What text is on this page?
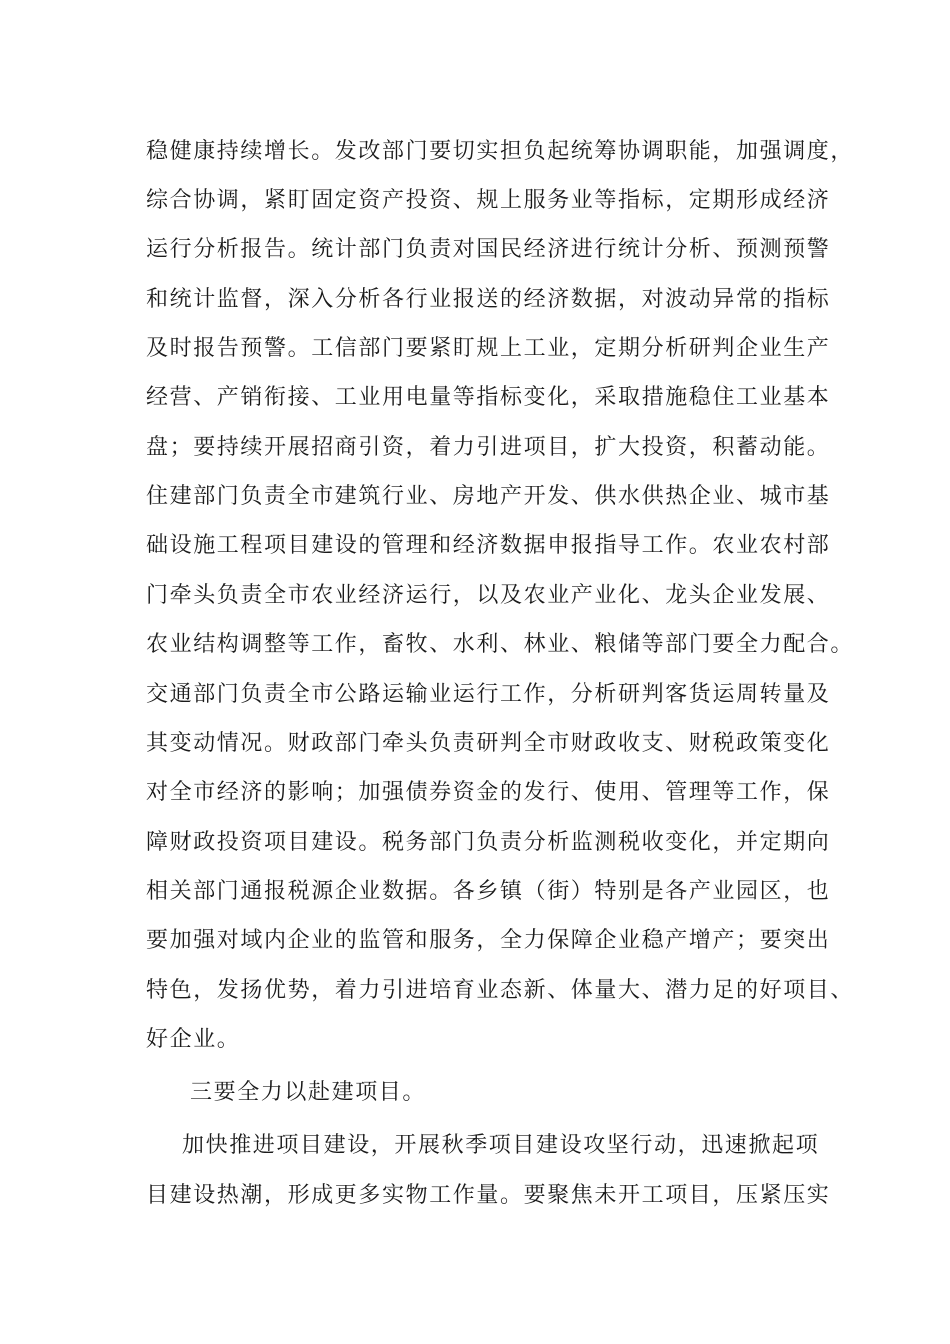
稳健康持续增长。发改部门要切实担负起统筹协调职能，加强调度，
综合协调，紧盯固定资产投资、规上服务业等指标，定期形成经济
运行分析报告。统计部门负责对国民经济进行统计分析、预测预警
和统计监督，深入分析各行业报送的经济数据，对波动异常的指标
及时报告预警。工信部门要紧盯规上工业，定期分析研判企业生产
经营、产销衔接、工业用电量等指标变化，采取措施稳住工业基本
盘；要持续开展招商引资，着力引进项目，扩大投资，积蓄动能。
住建部门负责全市建筑行业、房地产开发、供水供热企业、城市基
础设施工程项目建设的管理和经济数据申报指导工作。农业农村部
门牵头负责全市农业经济运行，以及农业产业化、龙头企业发展、
农业结构调整等工作，畜牧、水利、林业、粮储等部门要全力配合。
交通部门负责全市公路运输业运行工作，分析研判客货运周转量及
其变动情况。财政部门牵头负责研判全市财政收支、财税政策变化
对全市经济的影响；加强债券资金的发行、使用、管理等工作，保
障财政投资项目建设。税务部门负责分析监测税收变化，并定期向
相关部门通报税源企业数据。各乡镇（街）特别是各产业园区，也
要加强对域内企业的监管和服务，全力保障企业稳产增产；要突出
特色，发扬优势，着力引进培育业态新、体量大、潜力足的好项目、
好企业。
三要全力以赴建项目。
加快推进项目建设，开展秋季项目建设攻坚行动，迅速掀起项
目建设热潮，形成更多实物工作量。要聚焦未开工项目，压紧压实
